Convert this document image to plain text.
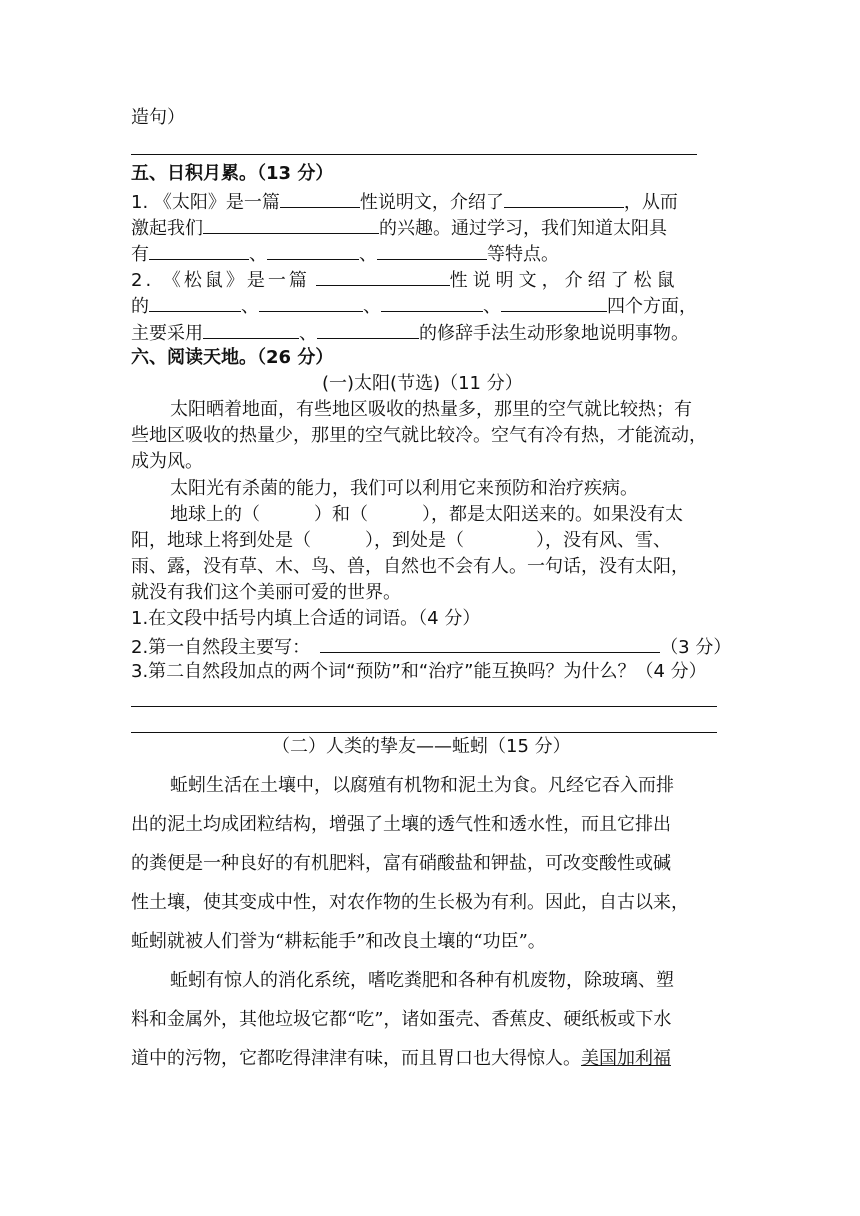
造句）
五、日积月累。（13 分）
1. 《太阳》是一篇	性说明文，介绍了	，从而
激起我们	的兴趣。通过学习，我们知道太阳具
有	、	、	等特点。
2. 《松鼠》是一篇	性说明文，介绍了松鼠
的	、	、	、	四个方面，
主要采用	、	的修辞手法生动形象地说明事物。
六、阅读天地。（26 分）
(一)太阳(节选)（11 分）
太阳晒着地面，有些地区吸收的热量多，那里的空气就比较热；有
些地区吸收的热量少，那里的空气就比较冷。空气有冷有热，才能流动，
成为风。
太阳光有杀菌的能力，我们可以利用它来预防和治疗疾病。
地球上的（　　　）和（　　　），都是太阳送来的。如果没有太
阳，地球上将到处是（　　　），到处是（　　　　），没有风、雪、
雨、露，没有草、木、鸟、兽，自然也不会有人。一句话，没有太阳，
就没有我们这个美丽可爱的世界。
1.在文段中括号内填上合适的词语。（4 分）
2.第一自然段主要写：	（3 分）
3.第二自然段加点的两个词“预防”和“治疗”能互换吗？为什么？（4 分）
（二）人类的挚友——蚯蚓（15 分）
蚯蚓生活在土壤中，以腐殖有机物和泥土为食。凡经它吞入而排
出的泥土均成团粒结构，增强了土壤的透气性和透水性，而且它排出
的粪便是一种良好的有机肥料，富有硝酸盐和钾盐，可改变酸性或碱
性土壤，使其变成中性，对农作物的生长极为有利。因此，自古以来，
蚯蚓就被人们誉为“耕耘能手”和改良土壤的“功臣”。
蚯蚓有惊人的消化系统，嗜吃粪肥和各种有机废物，除玻璃、塑
料和金属外，其他垃圾它都“吃”，诸如蛋壳、香蕉皮、硬纸板或下水
道中的污物，它都吃得津津有味，而且胃口也大得惊人。美国加利福
